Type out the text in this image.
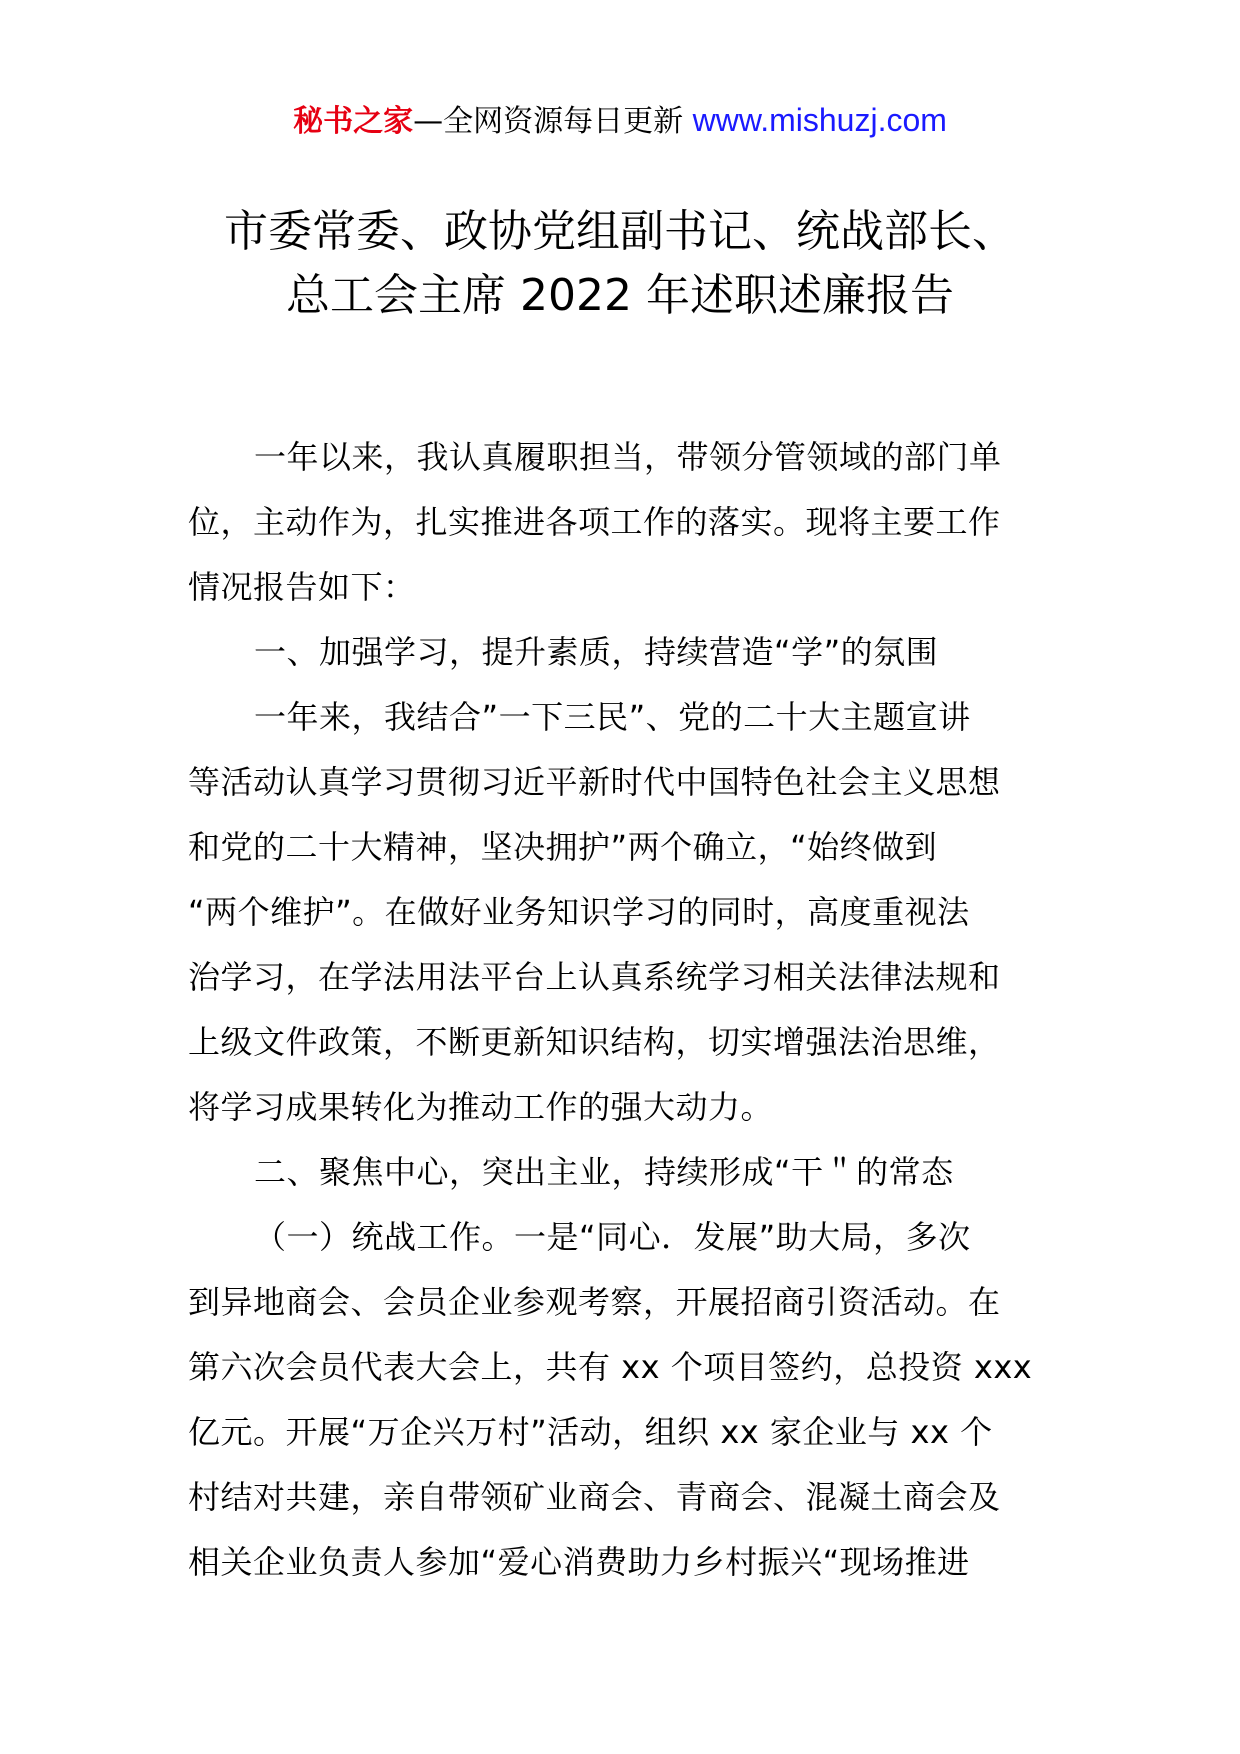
秘书之家—全网资源每日更新 www.mishuzj.com
市委常委、政协党组副书记、统战部长、
总工会主席 2022 年述职述廉报告
一年以来，我认真履职担当，带领分管领域的部门单
位，主动作为，扎实推进各项工作的落实。现将主要工作
情况报告如下：
一、加强学习，提升素质，持续营造“学”的氛围
一年来，我结合”一下三民”、党的二十大主题宣讲
等活动认真学习贯彻习近平新时代中国特色社会主义思想
和党的二十大精神，坚决拥护”两个确立，“始终做到
“两个维护”。在做好业务知识学习的同时，高度重视法
治学习，在学法用法平台上认真系统学习相关法律法规和
上级文件政策，不断更新知识结构，切实增强法治思维，
将学习成果转化为推动工作的强大动力。
二、聚焦中心，突出主业，持续形成“干＂的常态
（一）统战工作。一是“同心．发展”助大局，多次
到异地商会、会员企业参观考察，开展招商引资活动。在
第六次会员代表大会上，共有 xx 个项目签约，总投资 xxx
亿元。开展“万企兴万村”活动，组织 xx 家企业与 xx 个
村结对共建，亲自带领矿业商会、青商会、混凝土商会及
相关企业负责人参加“爱心消费助力乡村振兴“现场推进
